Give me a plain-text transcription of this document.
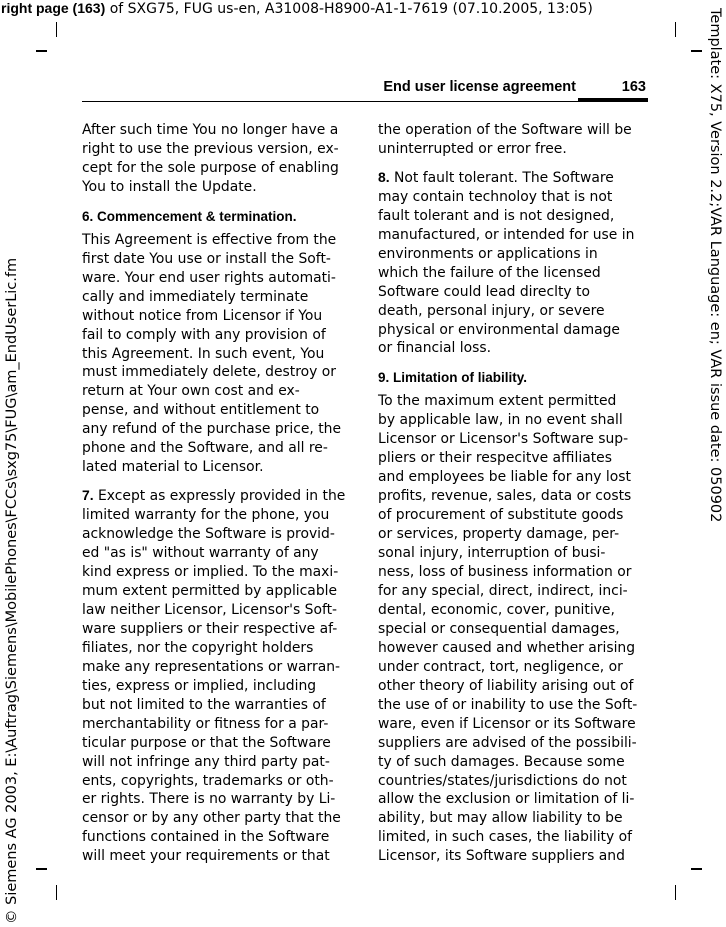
right page (163) of SXG75, FUG us-en, A31008-H8900-A1-1-7619 (07.10.2005, 13:05)
© Siemens AG 2003, E:\Auftrag\Siemens\MobilePhones\FCCs\sxg75\FUG\am_EndUserLic.fm	Template: X75, Version 2.2;VAR Language: en; VAR issue date: 050902
End user license agreement	163

After such time You no longer have a
right to use the previous version, ex-
cept for the sole purpose of enabling
You to install the Update.

6. Commencement & termination.

This Agreement is effective from the
first date You use or install the Soft-
ware. Your end user rights automati-
cally and immediately terminate
without notice from Licensor if You
fail to comply with any provision of
this Agreement. In such event, You
must immediately delete, destroy or
return at Your own cost and ex-
pense, and without entitlement to
any refund of the purchase price, the
phone and the Software, and all re-
lated material to Licensor.

7. Except as expressly provided in the
limited warranty for the phone, you
acknowledge the Software is provid-
ed "as is" without warranty of any
kind express or implied. To the maxi-
mum extent permitted by applicable
law neither Licensor, Licensor's Soft-
ware suppliers or their respective af-
filiates, nor the copyright holders
make any representations or warran-
ties, express or implied, including
but not limited to the warranties of
merchantability or fitness for a par-
ticular purpose or that the Software
will not infringe any third party pat-
ents, copyrights, trademarks or oth-
er rights. There is no warranty by Li-
censor or by any other party that the
functions contained in the Software
will meet your requirements or that

the operation of the Software will be
uninterrupted or error free.

8. Not fault tolerant. The Software
may contain technoloy that is not
fault tolerant and is not designed,
manufactured, or intended for use in
environments or applications in
which the failure of the licensed
Software could lead direclty to
death, personal injury, or severe
physical or environmental damage
or financial loss.

9. Limitation of liability.

To the maximum extent permitted
by applicable law, in no event shall
Licensor or Licensor's Software sup-
pliers or their respecitve affiliates
and employees be liable for any lost
profits, revenue, sales, data or costs
of procurement of substitute goods
or services, property damage, per-
sonal injury, interruption of busi-
ness, loss of business information or
for any special, direct, indirect, inci-
dental, economic, cover, punitive,
special or consequential damages,
however caused and whether arising
under contract, tort, negligence, or
other theory of liability arising out of
the use of or inability to use the Soft-
ware, even if Licensor or its Software
suppliers are advised of the possibili-
ty of such damages. Because some
countries/states/jurisdictions do not
allow the exclusion or limitation of li-
ability, but may allow liability to be
limited, in such cases, the liability of
Licensor, its Software suppliers and
